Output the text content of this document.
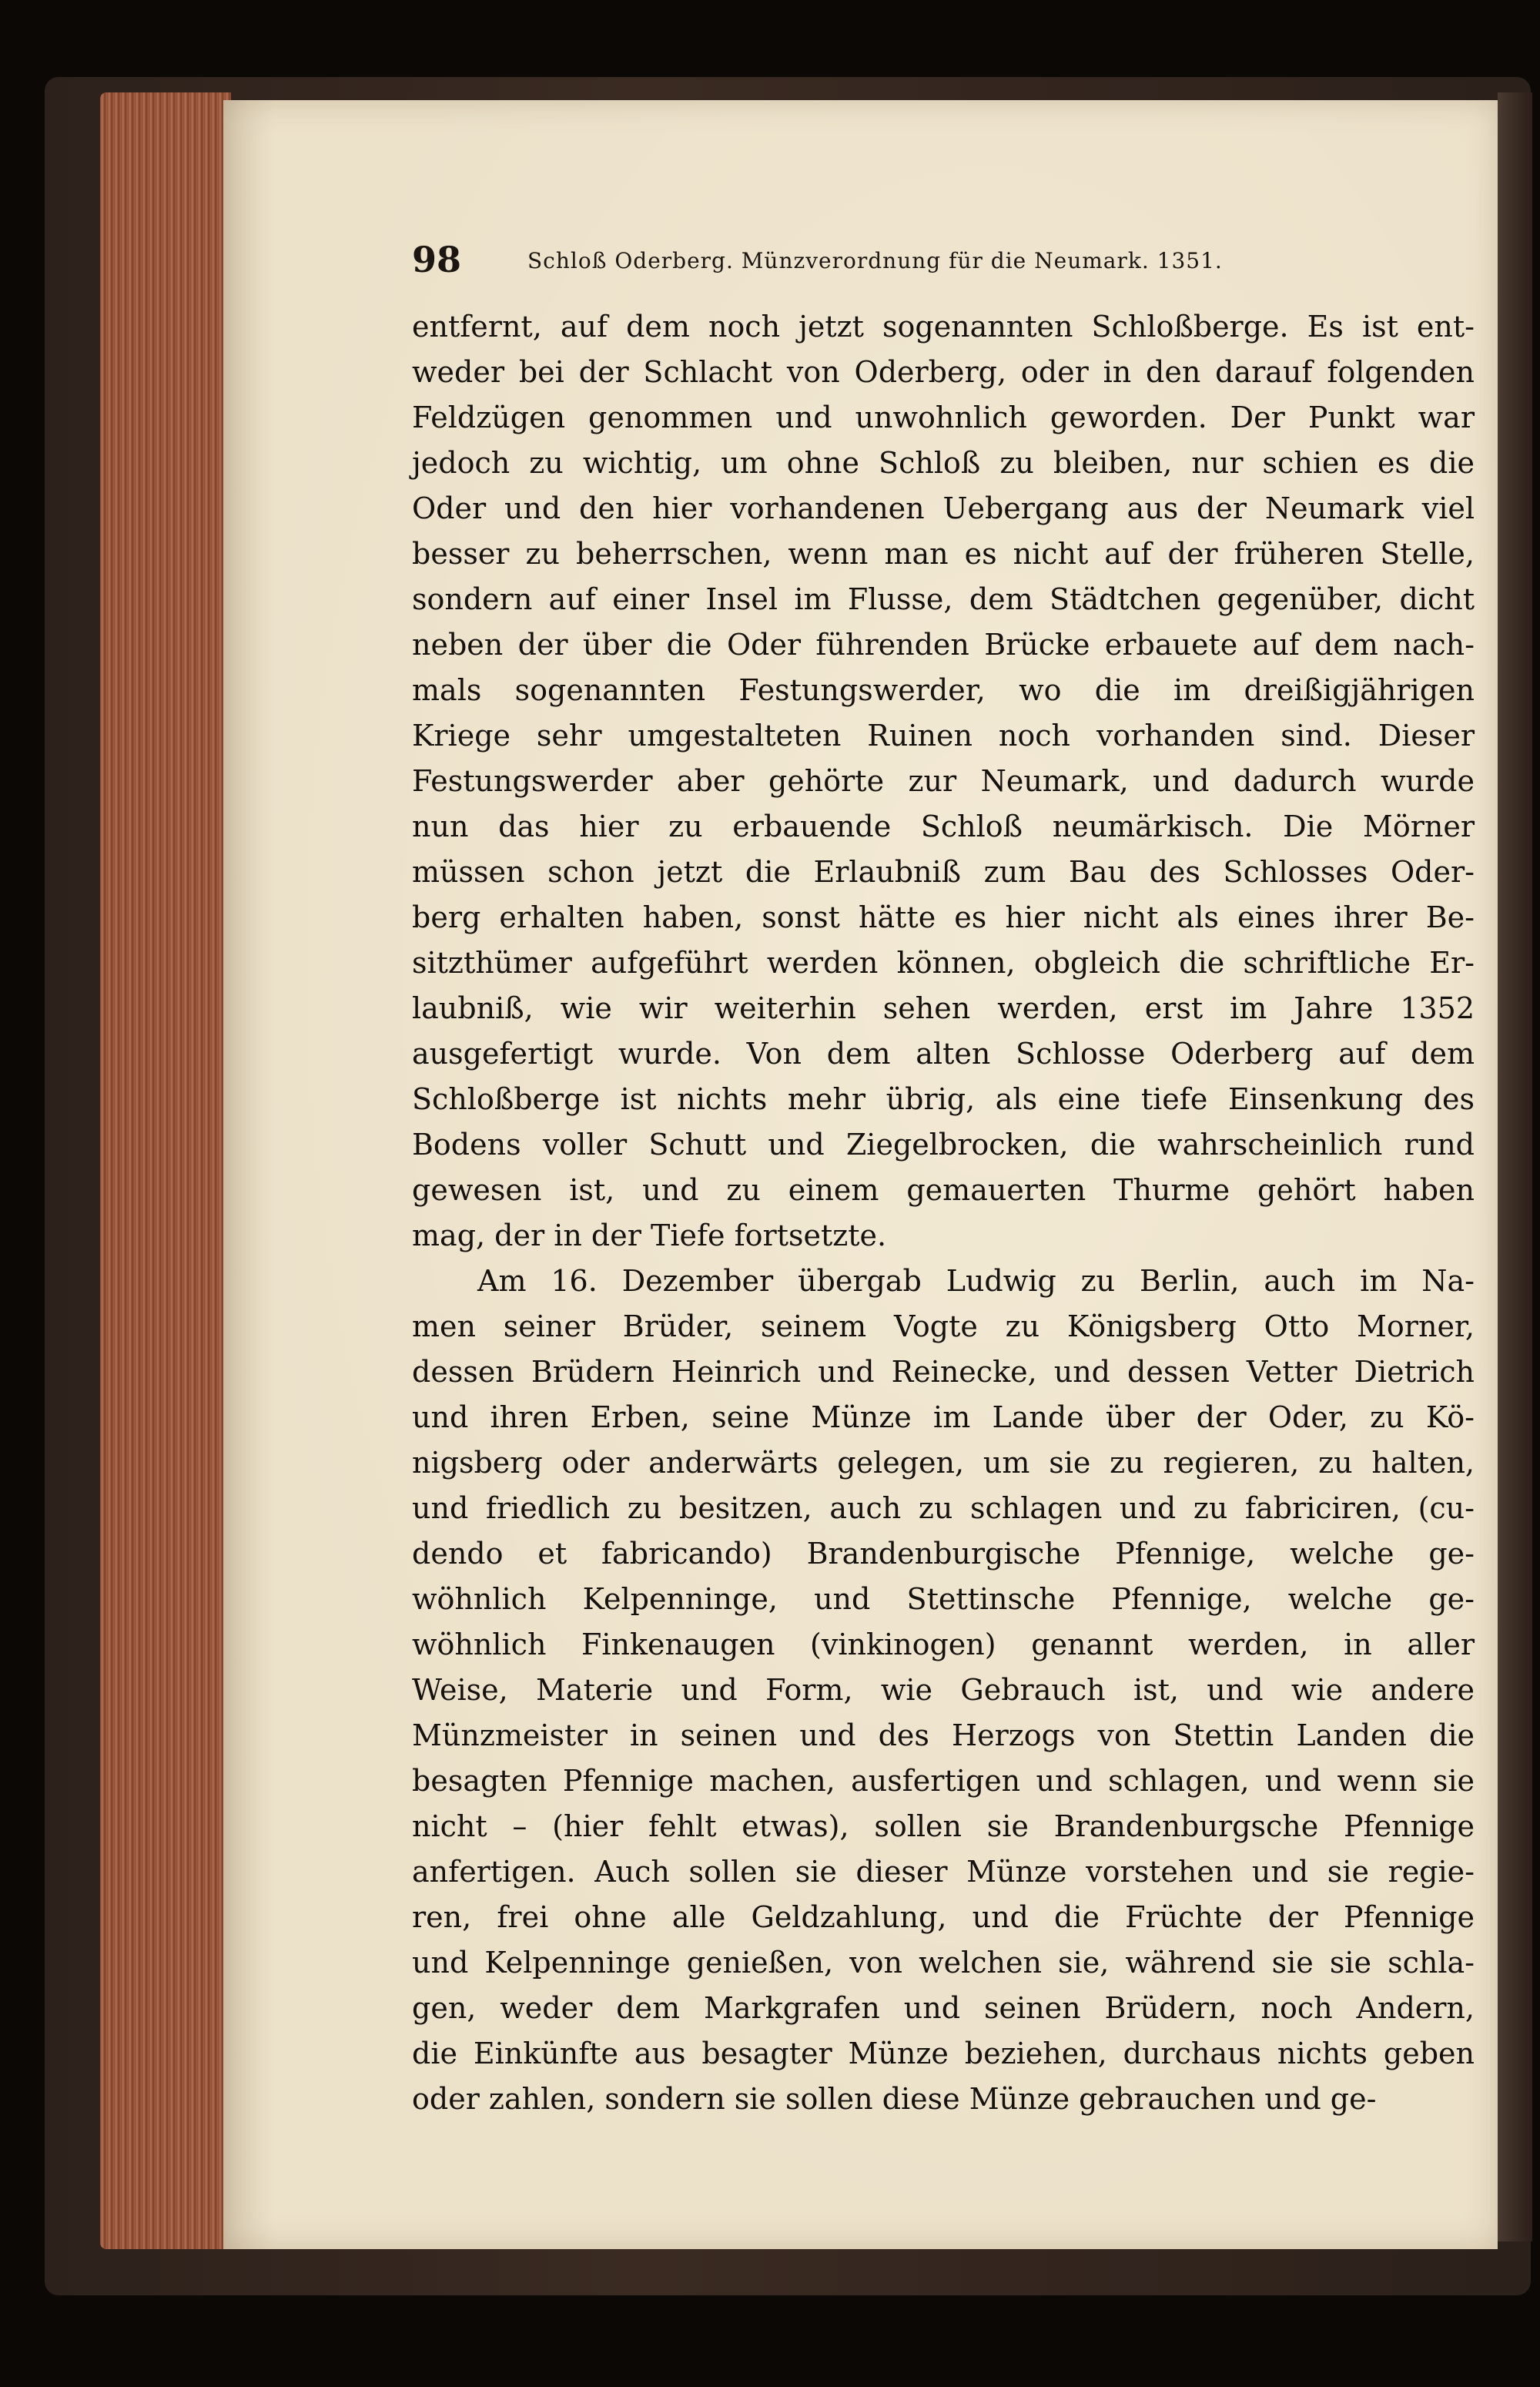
98	Schloß Oderberg. Münzverordnung für die Neumark. 1351.
entfernt, auf dem noch jetzt sogenannten Schloßberge. Es ist ent-
weder bei der Schlacht von Oderberg, oder in den darauf folgenden
Feldzügen genommen und unwohnlich geworden. Der Punkt war
jedoch zu wichtig, um ohne Schloß zu bleiben, nur schien es die
Oder und den hier vorhandenen Uebergang aus der Neumark viel
besser zu beherrschen, wenn man es nicht auf der früheren Stelle,
sondern auf einer Insel im Flusse, dem Städtchen gegenüber, dicht
neben der über die Oder führenden Brücke erbauete auf dem nach-
mals sogenannten Festungswerder, wo die im dreißigjährigen
Kriege sehr umgestalteten Ruinen noch vorhanden sind. Dieser
Festungswerder aber gehörte zur Neumark, und dadurch wurde
nun das hier zu erbauende Schloß neumärkisch. Die Mörner
müssen schon jetzt die Erlaubniß zum Bau des Schlosses Oder-
berg erhalten haben, sonst hätte es hier nicht als eines ihrer Be-
sitzthümer aufgeführt werden können, obgleich die schriftliche Er-
laubniß, wie wir weiterhin sehen werden, erst im Jahre 1352
ausgefertigt wurde. Von dem alten Schlosse Oderberg auf dem
Schloßberge ist nichts mehr übrig, als eine tiefe Einsenkung des
Bodens voller Schutt und Ziegelbrocken, die wahrscheinlich rund
gewesen ist, und zu einem gemauerten Thurme gehört haben
mag, der in der Tiefe fortsetzte.
Am 16. Dezember übergab Ludwig zu Berlin, auch im Na-
men seiner Brüder, seinem Vogte zu Königsberg Otto Morner,
dessen Brüdern Heinrich und Reinecke, und dessen Vetter Dietrich
und ihren Erben, seine Münze im Lande über der Oder, zu Kö-
nigsberg oder anderwärts gelegen, um sie zu regieren, zu halten,
und friedlich zu besitzen, auch zu schlagen und zu fabriciren, (cu-
dendo et fabricando) Brandenburgische Pfennige, welche ge-
wöhnlich Kelpenninge, und Stettinsche Pfennige, welche ge-
wöhnlich Finkenaugen (vinkinogen) genannt werden, in aller
Weise, Materie und Form, wie Gebrauch ist, und wie andere
Münzmeister in seinen und des Herzogs von Stettin Landen die
besagten Pfennige machen, ausfertigen und schlagen, und wenn sie
nicht – (hier fehlt etwas), sollen sie Brandenburgsche Pfennige
anfertigen. Auch sollen sie dieser Münze vorstehen und sie regie-
ren, frei ohne alle Geldzahlung, und die Früchte der Pfennige
und Kelpenninge genießen, von welchen sie, während sie sie schla-
gen, weder dem Markgrafen und seinen Brüdern, noch Andern,
die Einkünfte aus besagter Münze beziehen, durchaus nichts geben
oder zahlen, sondern sie sollen diese Münze gebrauchen und ge-
